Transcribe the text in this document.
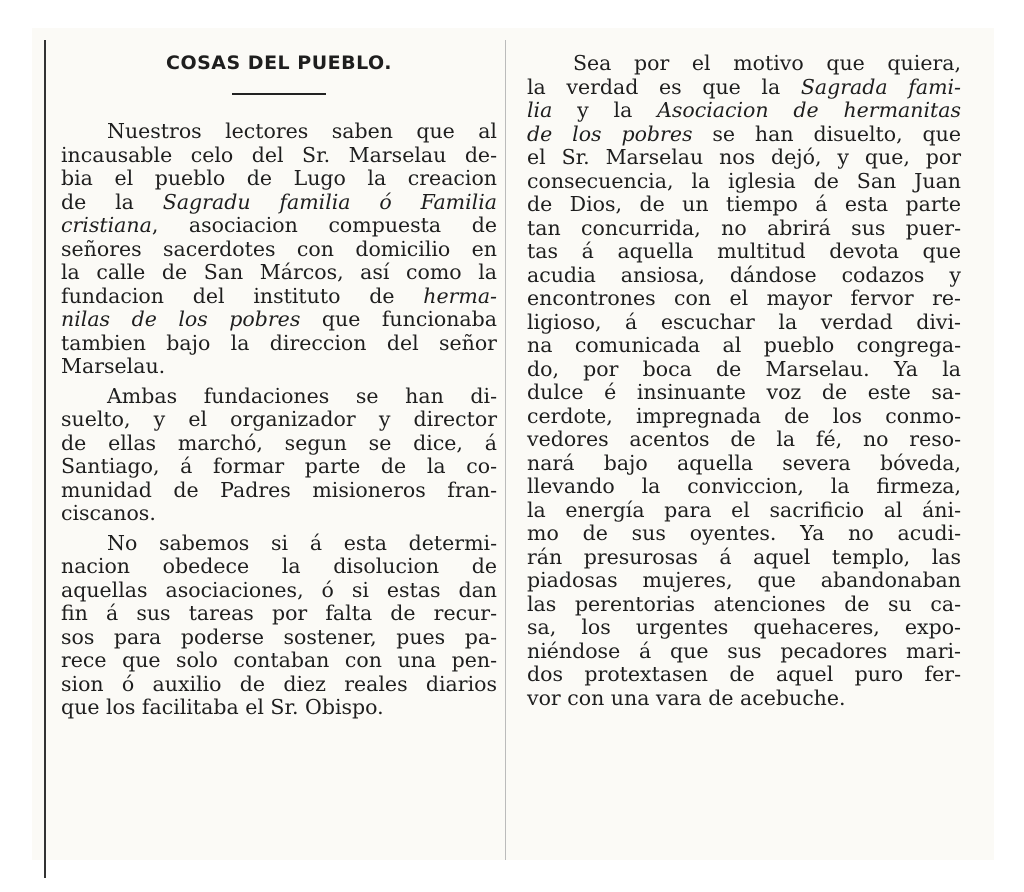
COSAS DEL PUEBLO.
Nuestros lectores saben que al
incausable celo del Sr. Marselau de-
bia el pueblo de Lugo la creacion
de la Sagradu familia ó Familia
cristiana, asociacion compuesta de
señores sacerdotes con domicilio en
la calle de San Márcos, así como la
fundacion del instituto de herma-
nilas de los pobres que funcionaba
tambien bajo la direccion del señor
Marselau.
Ambas fundaciones se han di-
suelto, y el organizador y director
de ellas marchó, segun se dice, á
Santiago, á formar parte de la co-
munidad de Padres misioneros fran-
ciscanos.
No sabemos si á esta determi-
nacion obedece la disolucion de
aquellas asociaciones, ó si estas dan
fin á sus tareas por falta de recur-
sos para poderse sostener, pues pa-
rece que solo contaban con una pen-
sion ó auxilio de diez reales diarios
que los facilitaba el Sr. Obispo.
Sea por el motivo que quiera,
la verdad es que la Sagrada fami-
lia y la Asociacion de hermanitas
de los pobres se han disuelto, que
el Sr. Marselau nos dejó, y que, por
consecuencia, la iglesia de San Juan
de Dios, de un tiempo á esta parte
tan concurrida, no abrirá sus puer-
tas á aquella multitud devota que
acudia ansiosa, dándose codazos y
encontrones con el mayor fervor re-
ligioso, á escuchar la verdad divi-
na comunicada al pueblo congrega-
do, por boca de Marselau. Ya la
dulce é insinuante voz de este sa-
cerdote, impregnada de los conmo-
vedores acentos de la fé, no reso-
nará bajo aquella severa bóveda,
llevando la conviccion, la firmeza,
la energía para el sacrificio al áni-
mo de sus oyentes. Ya no acudi-
rán presurosas á aquel templo, las
piadosas mujeres, que abandonaban
las perentorias atenciones de su ca-
sa, los urgentes quehaceres, expo-
niéndose á que sus pecadores mari-
dos protextasen de aquel puro fer-
vor con una vara de acebuche.
